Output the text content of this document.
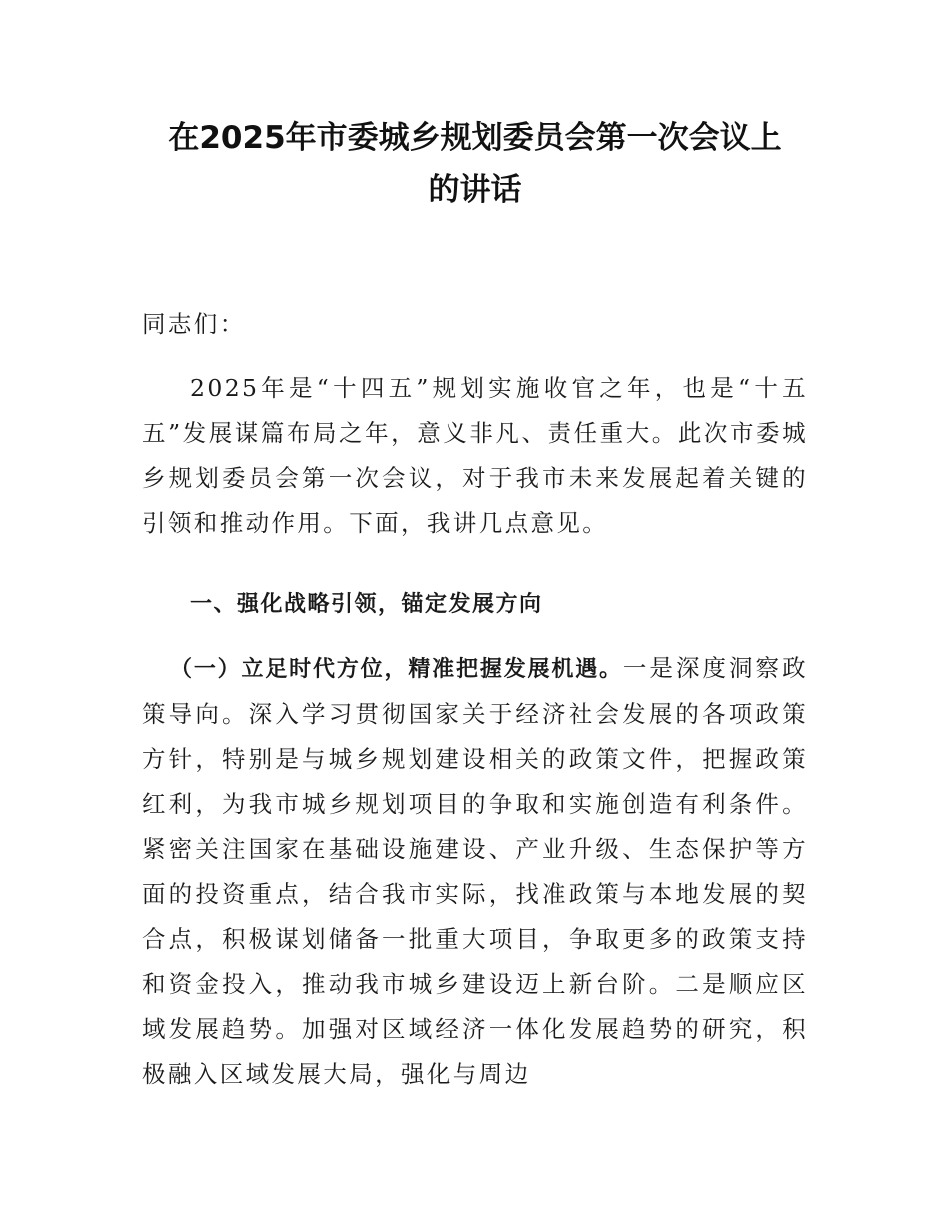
在2025年市委城乡规划委员会第一次会议上
的讲话

同志们：

2025年是“十四五”规划实施收官之年，也是“十五五”发展谋篇布局之年，意义非凡、责任重大。此次市委城乡规划委员会第一次会议，对于我市未来发展起着关键的引领和推动作用。下面，我讲几点意见。

一、强化战略引领，锚定发展方向

（一）立足时代方位，精准把握发展机遇。一是深度洞察政策导向。深入学习贯彻国家关于经济社会发展的各项政策方针，特别是与城乡规划建设相关的政策文件，把握政策红利，为我市城乡规划项目的争取和实施创造有利条件。紧密关注国家在基础设施建设、产业升级、生态保护等方面的投资重点，结合我市实际，找准政策与本地发展的契合点，积极谋划储备一批重大项目，争取更多的政策支持和资金投入，推动我市城乡建设迈上新台阶。二是顺应区域发展趋势。加强对区域经济一体化发展趋势的研究，积极融入区域发展大局，强化与周边
